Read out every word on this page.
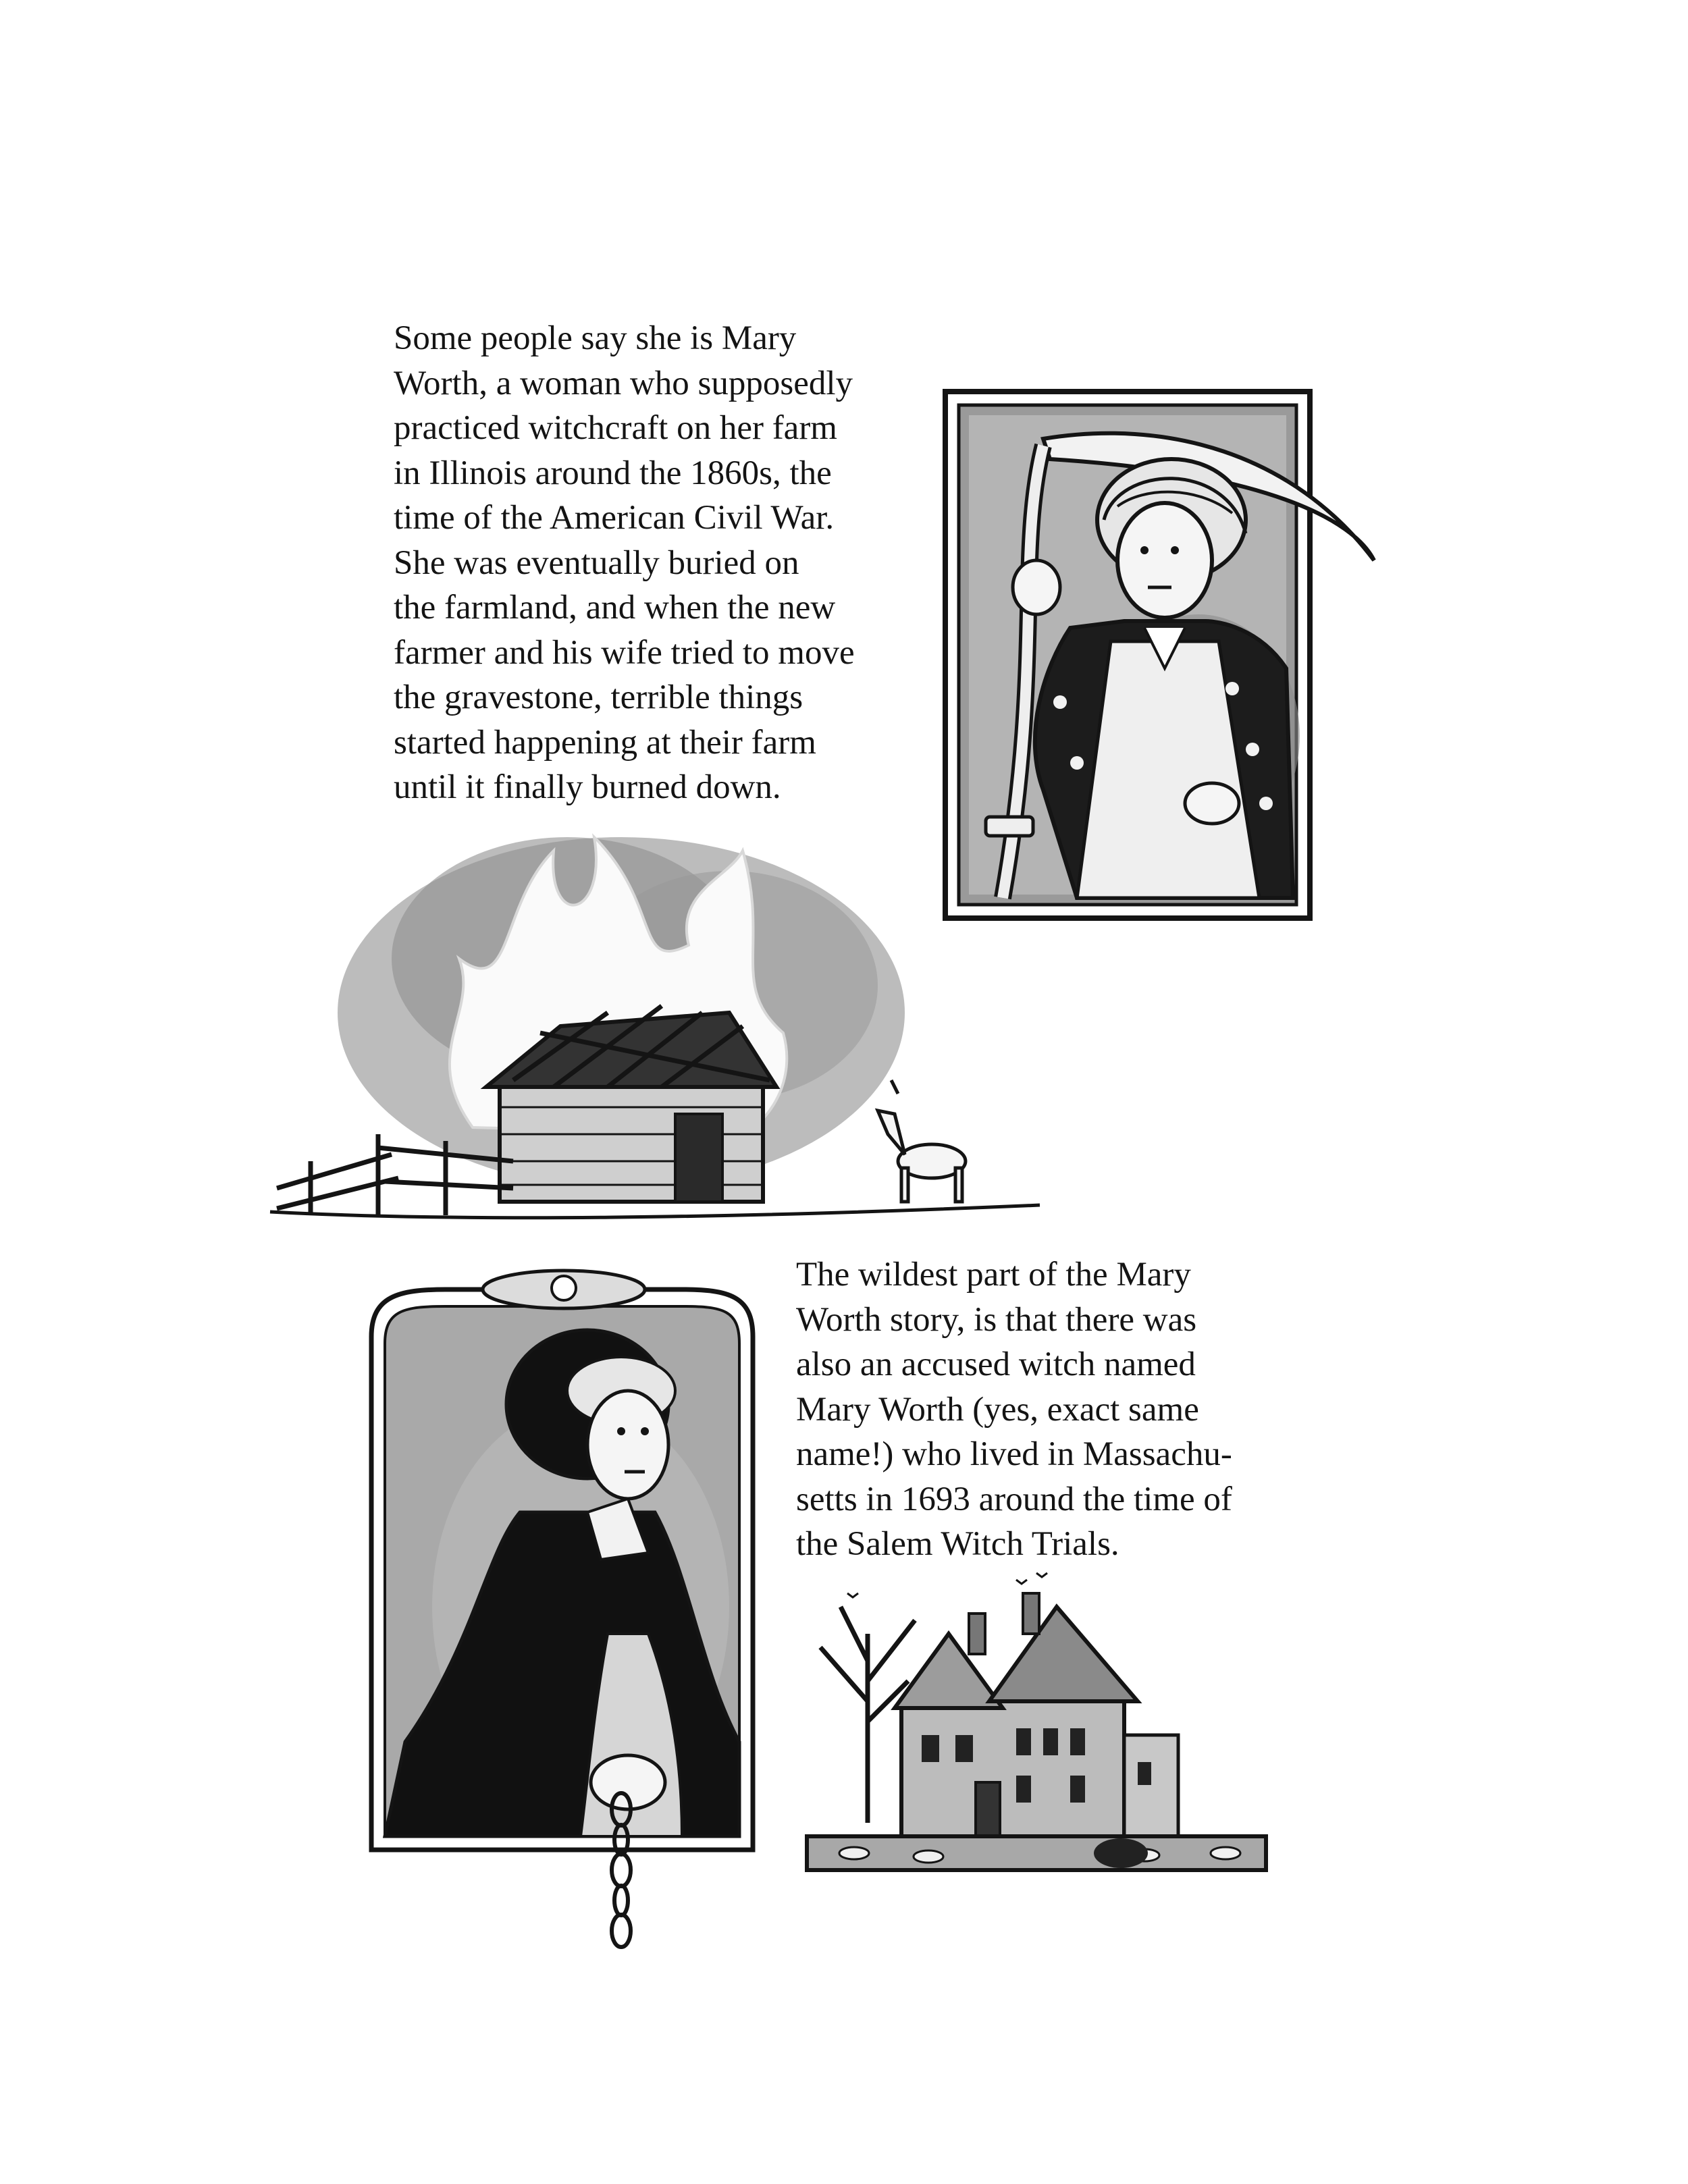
Some people say she is Mary
Worth, a woman who supposedly
practiced witchcraft on her farm
in Illinois around the 1860s, the
time of the American Civil War.
She was eventually buried on
the farmland, and when the new
farmer and his wife tried to move
the gravestone, terrible things
started happening at their farm
until it finally burned down.
The wildest part of the Mary
Worth story, is that there was
also an accused witch named
Mary Worth (yes, exact same
name!) who lived in Massachu-
setts in 1693 around the time of
the Salem Witch Trials.
